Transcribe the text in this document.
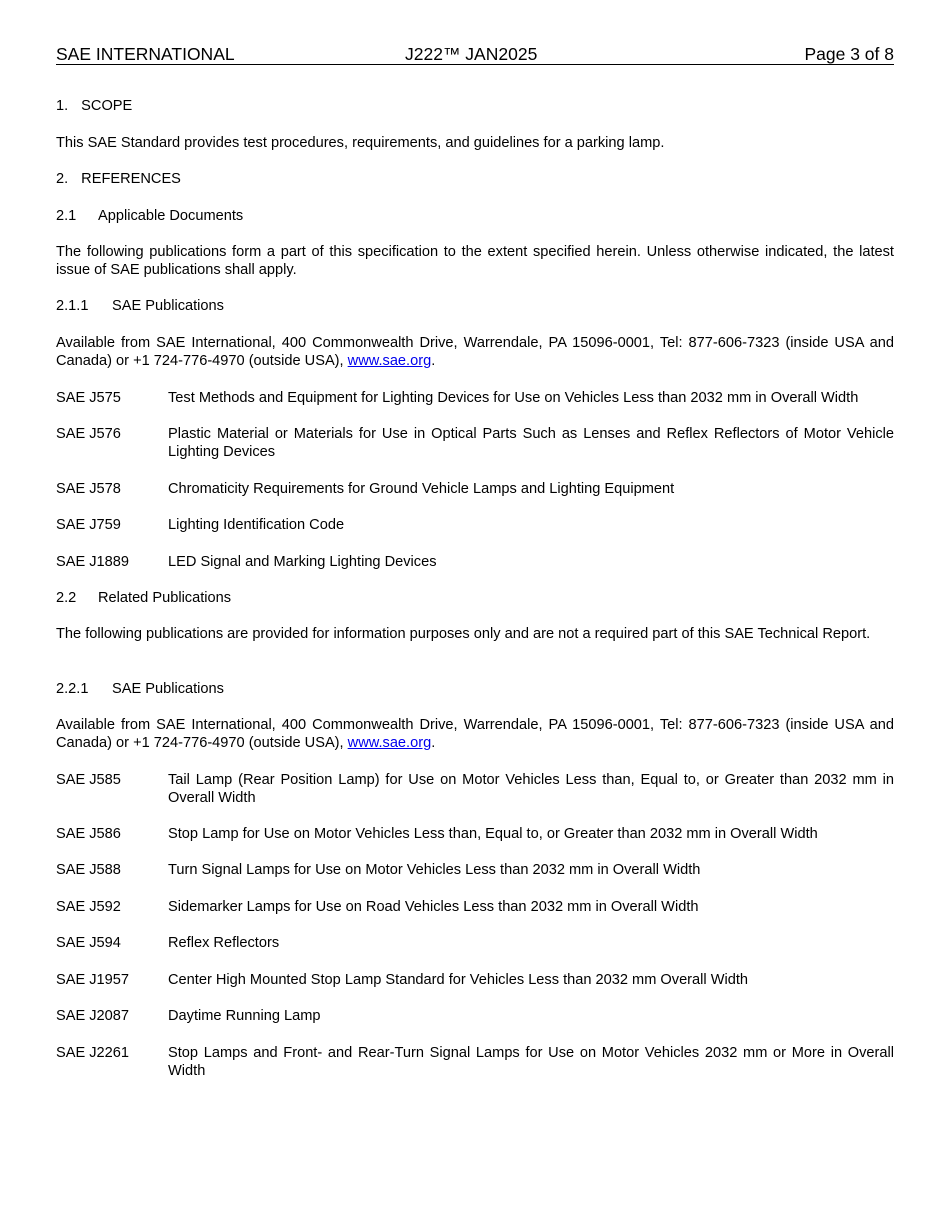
SAE INTERNATIONAL	J222™ JAN2025	Page 3 of 8
1. SCOPE
This SAE Standard provides test procedures, requirements, and guidelines for a parking lamp.
2. REFERENCES
2.1 Applicable Documents
The following publications form a part of this specification to the extent specified herein. Unless otherwise indicated, the latest issue of SAE publications shall apply.
2.1.1 SAE Publications
Available from SAE International, 400 Commonwealth Drive, Warrendale, PA 15096-0001, Tel: 877-606-7323 (inside USA and Canada) or +1 724-776-4970 (outside USA), www.sae.org.
SAE J575	Test Methods and Equipment for Lighting Devices for Use on Vehicles Less than 2032 mm in Overall Width
SAE J576	Plastic Material or Materials for Use in Optical Parts Such as Lenses and Reflex Reflectors of Motor Vehicle Lighting Devices
SAE J578	Chromaticity Requirements for Ground Vehicle Lamps and Lighting Equipment
SAE J759	Lighting Identification Code
SAE J1889	LED Signal and Marking Lighting Devices
2.2 Related Publications
The following publications are provided for information purposes only and are not a required part of this SAE Technical Report.
2.2.1 SAE Publications
Available from SAE International, 400 Commonwealth Drive, Warrendale, PA 15096-0001, Tel: 877-606-7323 (inside USA and Canada) or +1 724-776-4970 (outside USA), www.sae.org.
SAE J585	Tail Lamp (Rear Position Lamp) for Use on Motor Vehicles Less than, Equal to, or Greater than 2032 mm in Overall Width
SAE J586	Stop Lamp for Use on Motor Vehicles Less than, Equal to, or Greater than 2032 mm in Overall Width
SAE J588	Turn Signal Lamps for Use on Motor Vehicles Less than 2032 mm in Overall Width
SAE J592	Sidemarker Lamps for Use on Road Vehicles Less than 2032 mm in Overall Width
SAE J594	Reflex Reflectors
SAE J1957	Center High Mounted Stop Lamp Standard for Vehicles Less than 2032 mm Overall Width
SAE J2087	Daytime Running Lamp
SAE J2261	Stop Lamps and Front- and Rear-Turn Signal Lamps for Use on Motor Vehicles 2032 mm or More in Overall Width
